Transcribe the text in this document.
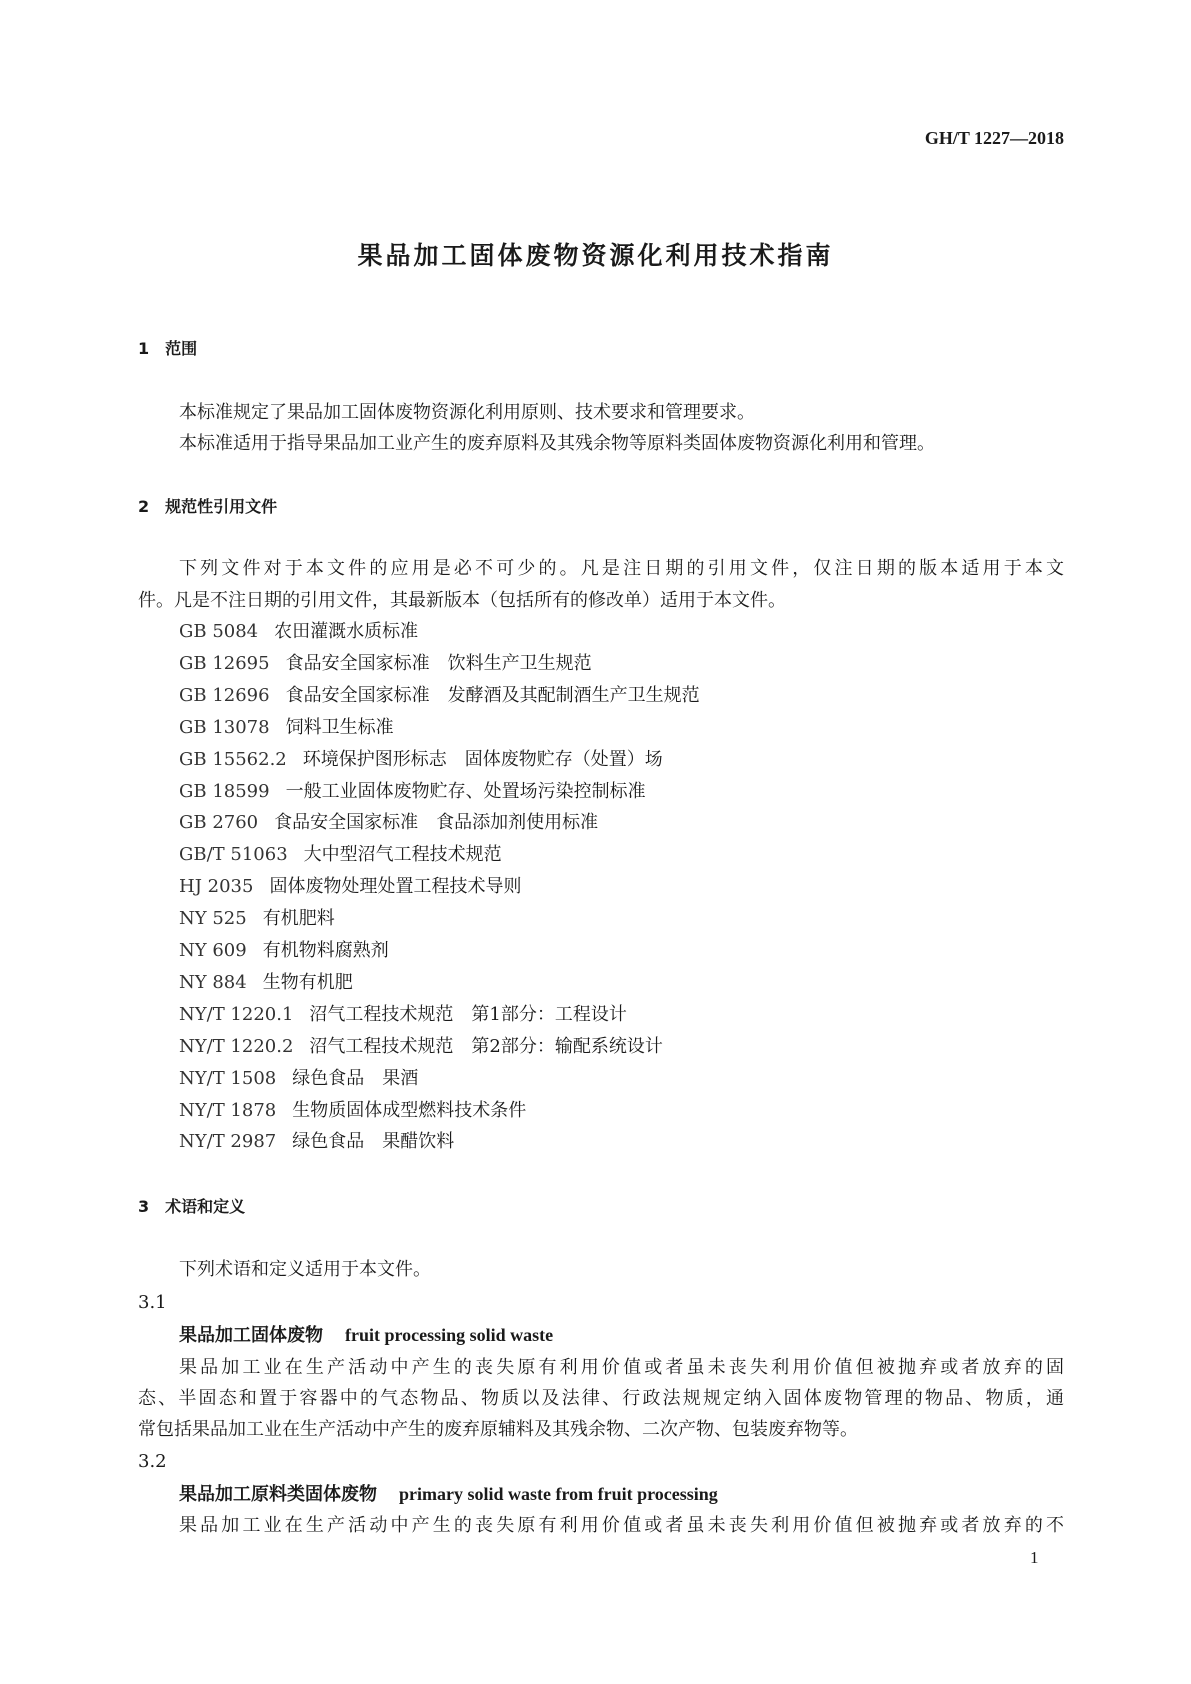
GH/T 1227—2018
果品加工固体废物资源化利用技术指南
1　范围
本标准规定了果品加工固体废物资源化利用原则、技术要求和管理要求。
本标准适用于指导果品加工业产生的废弃原料及其残余物等原料类固体废物资源化利用和管理。
2　规范性引用文件
下列文件对于本文件的应用是必不可少的。凡是注日期的引用文件，仅注日期的版本适用于本文
件。凡是不注日期的引用文件，其最新版本（包括所有的修改单）适用于本文件。
GB 5084 农田灌溉水质标准
GB 12695 食品安全国家标准　饮料生产卫生规范
GB 12696 食品安全国家标准　发酵酒及其配制酒生产卫生规范
GB 13078 饲料卫生标准
GB 15562.2 环境保护图形标志　固体废物贮存（处置）场
GB 18599 一般工业固体废物贮存、处置场污染控制标准
GB 2760 食品安全国家标准　食品添加剂使用标准
GB/T 51063 大中型沼气工程技术规范
HJ 2035 固体废物处理处置工程技术导则
NY 525 有机肥料
NY 609 有机物料腐熟剂
NY 884 生物有机肥
NY/T 1220.1 沼气工程技术规范　第1部分：工程设计
NY/T 1220.2 沼气工程技术规范　第2部分：输配系统设计
NY/T 1508 绿色食品　果酒
NY/T 1878 生物质固体成型燃料技术条件
NY/T 2987 绿色食品　果醋饮料
3　术语和定义
下列术语和定义适用于本文件。
3.1
果品加工固体废物 fruit processing solid waste
果品加工业在生产活动中产生的丧失原有利用价值或者虽未丧失利用价值但被抛弃或者放弃的固
态、半固态和置于容器中的气态物品、物质以及法律、行政法规规定纳入固体废物管理的物品、物质，通
常包括果品加工业在生产活动中产生的废弃原辅料及其残余物、二次产物、包装废弃物等。
3.2
果品加工原料类固体废物 primary solid waste from fruit processing
果品加工业在生产活动中产生的丧失原有利用价值或者虽未丧失利用价值但被抛弃或者放弃的不
1
